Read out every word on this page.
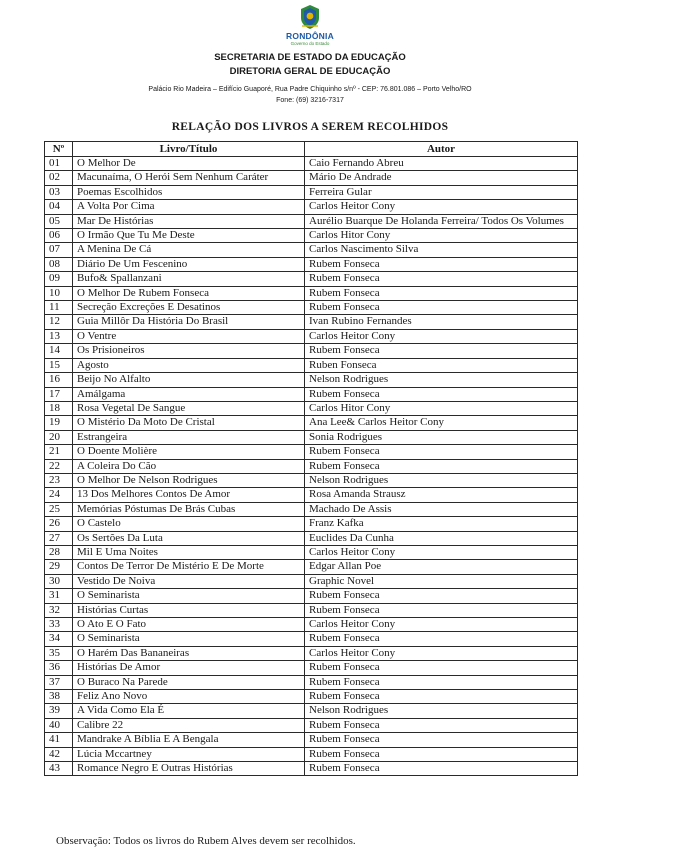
RONDÔNIA
Governo do Estado
SECRETARIA DE ESTADO DA EDUCAÇÃO
DIRETORIA GERAL DE EDUCAÇÃO
Palácio Rio Madeira – Edifício Guaporé, Rua Padre Chiquinho s/nº - CEP: 76.801.086 – Porto Velho/RO
Fone: (69) 3216-7317
RELAÇÃO DOS LIVROS A SEREM RECOLHIDOS
Nº	Livro/Título	Autor
01	O Melhor De	Caio Fernando Abreu
02	Macunaíma, O Herói Sem Nenhum Caráter	Mário De Andrade
03	Poemas Escolhidos	Ferreira Gular
04	A Volta Por Cima	Carlos Heitor Cony
05	Mar De Histórias	Aurélio Buarque De Holanda Ferreira/ Todos Os Volumes
06	O Irmão Que Tu Me Deste	Carlos Hitor Cony
07	A Menina De Cá	Carlos Nascimento Silva
08	Diário De Um Fescenino	Rubem Fonseca
09	Bufo& Spallanzani	Rubem Fonseca
10	O Melhor De Rubem Fonseca	Rubem Fonseca
11	Secreção Excreções E Desatinos	Rubem Fonseca
12	Guia Millôr Da História Do Brasil	Ivan Rubino Fernandes
13	O Ventre	Carlos Heitor Cony
14	Os Prisioneiros	Rubem Fonseca
15	Agosto	Ruben Fonseca
16	Beijo No Alfalto	Nelson Rodrigues
17	Amálgama	Rubem Fonseca
18	Rosa Vegetal De Sangue	Carlos Hitor Cony
19	O Mistério Da Moto De Cristal	Ana Lee& Carlos Heitor Cony
20	Estrangeira	Sonia Rodrigues
21	O Doente Molière	Rubem Fonseca
22	A Coleira Do Cão	Rubem Fonseca
23	O Melhor De Nelson Rodrigues	Nelson Rodrigues
24	13 Dos Melhores Contos De Amor	Rosa Amanda Strausz
25	Memórias Póstumas De Brás Cubas	Machado De Assis
26	O Castelo	Franz Kafka
27	Os Sertões Da Luta	Euclides Da Cunha
28	Mil E Uma Noites	Carlos Heitor Cony
29	Contos De Terror De Mistério E De Morte	Edgar Allan Poe
30	Vestido De Noiva	Graphic Novel
31	O Seminarista	Rubem Fonseca
32	Histórias Curtas	Rubem Fonseca
33	O Ato E O Fato	Carlos Heitor Cony
34	O Seminarista	Rubem Fonseca
35	O Harém Das Bananeiras	Carlos Heitor Cony
36	Histórias De Amor	Rubem Fonseca
37	O Buraco Na Parede	Rubem Fonseca
38	Feliz Ano Novo	Rubem Fonseca
39	A Vida Como Ela É	Nelson Rodrigues
40	Calibre 22	Rubem Fonseca
41	Mandrake A Bíblia E A Bengala	Rubem Fonseca
42	Lúcia Mccartney	Rubem Fonseca
43	Romance Negro E Outras Histórias	Rubem Fonseca
Observação: Todos os livros do Rubem Alves devem ser recolhidos.
